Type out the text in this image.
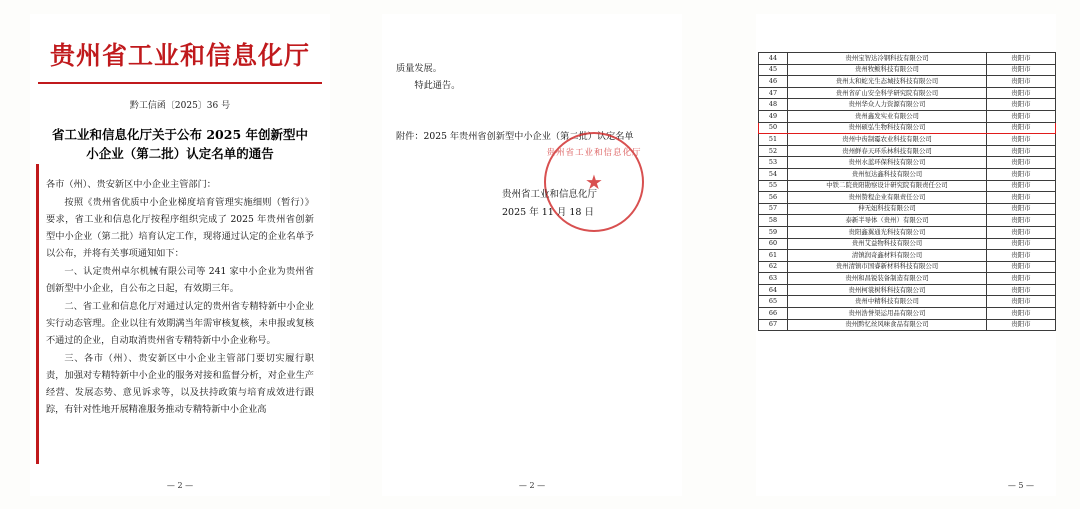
贵州省工业和信息化厅
黔工信函〔2025〕36 号
省工业和信息化厅关于公布 2025 年创新型中小企业（第二批）认定名单的通告

各市（州）、贵安新区中小企业主管部门：

按照《贵州省优质中小企业梯度培育管理实施细则（暂行）》要求，省工业和信息化厅按程序组织完成了 2025 年贵州省创新型中小企业（第二批）培育认定工作，现将通过认定的企业名单予以公布，并将有关事项通知如下：

一、认定贵州卓尔机械有限公司等 241 家中小企业为贵州省创新型中小企业，自公布之日起，有效期三年。

二、省工业和信息化厅对通过认定的贵州省专精特新中小企业实行动态管理。企业以往有效期满当年需审核复核，未申报或复核不通过的企业，自动取消贵州省专精特新中小企业称号。

三、各市（州）、贵安新区中小企业主管部门要切实履行职责，加强对专精特新中小企业的服务对接和监督分析，对企业生产经营、发展态势、意见诉求等，以及扶持政策与培育成效进行跟踪，有针对性地开展精准服务推动专精特新中小企业高

— 2 —
质量发展。
特此通告。
附件：2025 年贵州省创新型中小企业（第二批）认定名单
贵州省工业和信息化厅
★
贵州省工业和信息化厅
2025 年 11 月 18 日
— 2 —
44	贵州宝智达冷钢科技有限公司	贵阳市
45	贵州牧鲅科技有限公司	贵阳市
46	贵州太和蛇光生态城技科技有限公司	贵阳市
47	贵州省矿山安全科学研究院有限公司	贵阳市
48	贵州华众人力资源有限公司	贵阳市
49	贵州鑫发实业有限公司	贵阳市
50	贵州硕弘生物科技有限公司	贵阳市
51	贵州中齿制霉农业科技有限公司	贵阳市
52	贵州鲜春天环乐林科技有限公司	贵阳市
53	贵州水蓝环保科技有限公司	贵阳市
54	贵州恒达鑫科技有限公司	贵阳市
55	中铁二院贵阳勘察设计研究院有限责任公司	贵阳市
56	贵州赞程企业有限责任公司	贵阳市
57	伸无妞科技有限公司	贵阳市
58	泰新半导体（贵州）有限公司	贵阳市
59	贵阳鑫翼通光科技有限公司	贵阳市
60	贵州艾益物科技有限公司	贵阳市
61	清镇润奇鑫材料有限公司	贵阳市
62	贵州清镇市国睿新材料科技有限公司	贵阳市
63	贵州和昌锐装备制造有限公司	贵阳市
64	贵州柯裳树科科技有限公司	贵阳市
65	贵州中精科技有限公司	贵阳市
66	贵州浩誉渠运用品有限公司	贵阳市
67	贵州黔忆丝风味食品有限公司	贵阳市
— 5 —
